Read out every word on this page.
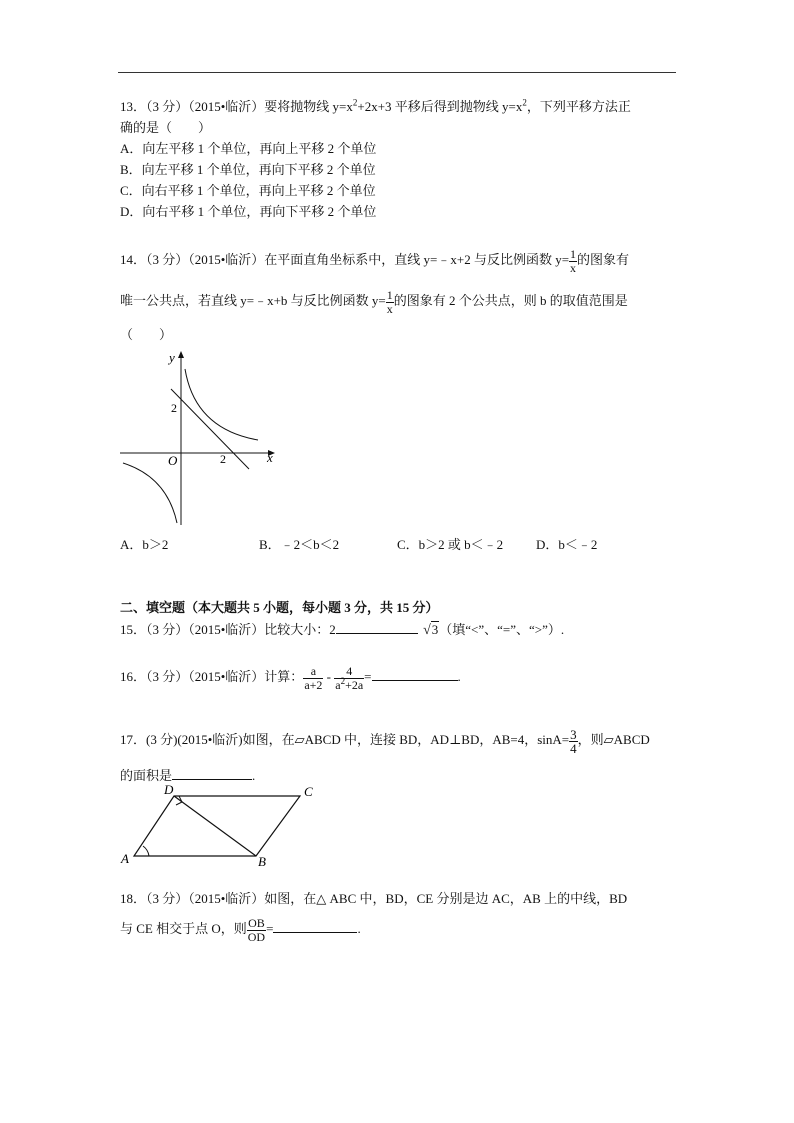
13．（3 分）（2015•临沂）要将抛物线 $y=x^2+2x+3$ 平移后得到抛物线 $y=x^2$，下列平移方法正
确的是（　　）
A．向左平移 1 个单位，再向上平移 2 个单位
B．向左平移 1 个单位，再向下平移 2 个单位
C．向右平移 1 个单位，再向上平移 2 个单位
D．向右平移 1 个单位，再向下平移 2 个单位
14．（3 分）（2015•临沂）在平面直角坐标系中，直线 y=﹣x+2 与反比例函数 $y= \frac{1}{x}$ 的图象有
唯一公共点，若直线 y=﹣x+b 与反比例函数 $y= \frac{1}{x}$ 的图象有 2 个公共点，则 b 的取值范围是
（　　）
y
x
O
2
2
A．b＞2	B．﹣2＜b＜2	C．b＞2 或 b＜﹣2	D．b＜﹣2
二、填空题（本大题共 5 小题，每小题 3 分，共 15 分）
15．（3 分）（2015•临沂）比较大小：2	√3（填“<”、“=”、“>”）.
16．（3 分）（2015•临沂）计算： $\frac{a}{a+2} - \frac{4}{a^2+2a}$ =	.
17．(3 分)(2015•临沂)如图，在▱ABCD 中，连接 BD，AD⊥BD，AB=4，$\sin A= \frac{3}{4}$ ，则▱ABCD
的面积是	.
A	B
C
D
18．（3 分）（2015•临沂）如图，在△ ABC 中，BD，CE 分别是边 AC，AB 上的中线，BD
与 CE 相交于点 O，则 $\frac{OB}{OD}$ =	.
